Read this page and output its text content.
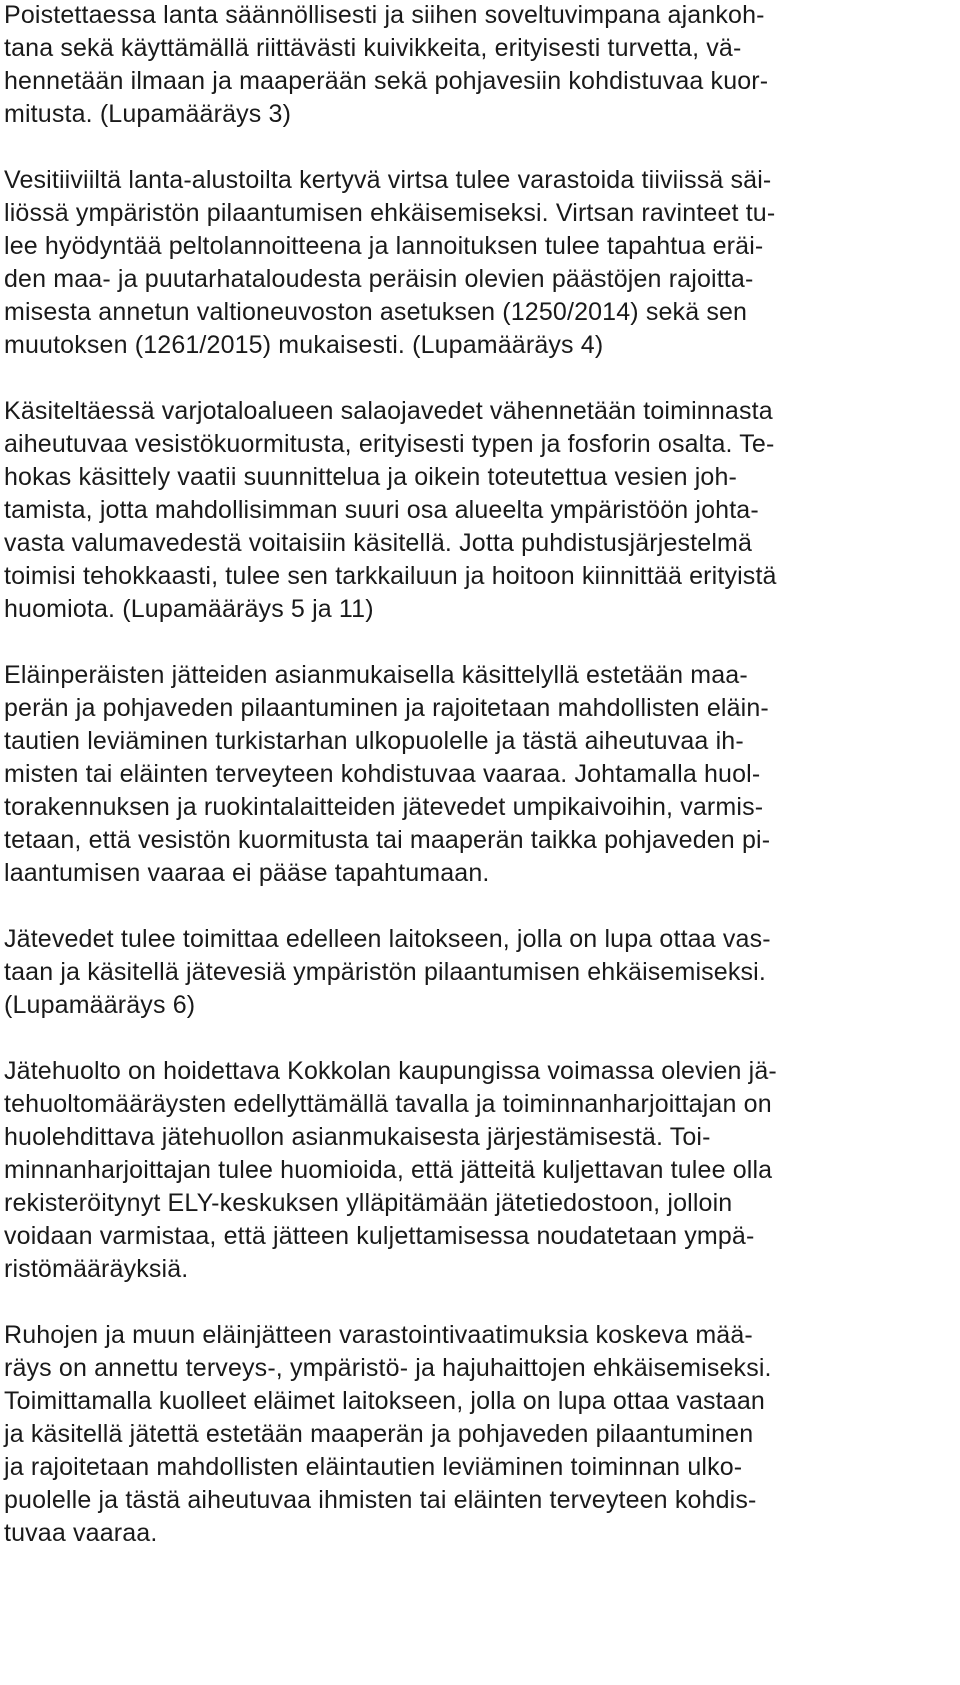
Poistettaessa lanta säännöllisesti ja siihen soveltuvimpana ajankoh-
tana sekä käyttämällä riittävästi kuivikkeita, erityisesti turvetta, vä-
hennetään ilmaan ja maaperään sekä pohjavesiin kohdistuvaa kuor-
mitusta. (Lupamääräys 3)
Vesitiiviiltä lanta-alustoilta kertyvä virtsa tulee varastoida tiiviissä säi-
liössä ympäristön pilaantumisen ehkäisemiseksi. Virtsan ravinteet tu-
lee hyödyntää peltolannoitteena ja lannoituksen tulee tapahtua eräi-
den maa- ja puutarhataloudesta peräisin olevien päästöjen rajoitta-
misesta annetun valtioneuvoston asetuksen (1250/2014) sekä sen
muutoksen (1261/2015) mukaisesti. (Lupamääräys 4)
Käsiteltäessä varjotaloalueen salaojavedet vähennetään toiminnasta
aiheutuvaa vesistökuormitusta, erityisesti typen ja fosforin osalta. Te-
hokas käsittely vaatii suunnittelua ja oikein toteutettua vesien joh-
tamista, jotta mahdollisimman suuri osa alueelta ympäristöön johta-
vasta valumavedestä voitaisiin käsitellä. Jotta puhdistusjärjestelmä
toimisi tehokkaasti, tulee sen tarkkailuun ja hoitoon kiinnittää erityistä
huomiota. (Lupamääräys 5 ja 11)
Eläinperäisten jätteiden asianmukaisella käsittelyllä estetään maa-
perän ja pohjaveden pilaantuminen ja rajoitetaan mahdollisten eläin-
tautien leviäminen turkistarhan ulkopuolelle ja tästä aiheutuvaa ih-
misten tai eläinten terveyteen kohdistuvaa vaaraa. Johtamalla huol-
torakennuksen ja ruokintalaitteiden jätevedet umpikaivoihin, varmis-
tetaan, että vesistön kuormitusta tai maaperän taikka pohjaveden pi-
laantumisen vaaraa ei pääse tapahtumaan.
Jätevedet tulee toimittaa edelleen laitokseen, jolla on lupa ottaa vas-
taan ja käsitellä jätevesiä ympäristön pilaantumisen ehkäisemiseksi.
(Lupamääräys 6)
Jätehuolto on hoidettava Kokkolan kaupungissa voimassa olevien jä-
tehuoltomääräysten edellyttämällä tavalla ja toiminnanharjoittajan on
huolehdittava jätehuollon asianmukaisesta järjestämisestä. Toi-
minnanharjoittajan tulee huomioida, että jätteitä kuljettavan tulee olla
rekisteröitynyt ELY-keskuksen ylläpitämään jätetiedostoon, jolloin
voidaan varmistaa, että jätteen kuljettamisessa noudatetaan ympä-
ristömääräyksiä.
Ruhojen ja muun eläinjätteen varastointivaatimuksia koskeva mää-
räys on annettu terveys-, ympäristö- ja hajuhaittojen ehkäisemiseksi.
Toimittamalla kuolleet eläimet laitokseen, jolla on lupa ottaa vastaan
ja käsitellä jätettä estetään maaperän ja pohjaveden pilaantuminen
ja rajoitetaan mahdollisten eläintautien leviäminen toiminnan ulko-
puolelle ja tästä aiheutuvaa ihmisten tai eläinten terveyteen kohdis-
tuvaa vaaraa.
